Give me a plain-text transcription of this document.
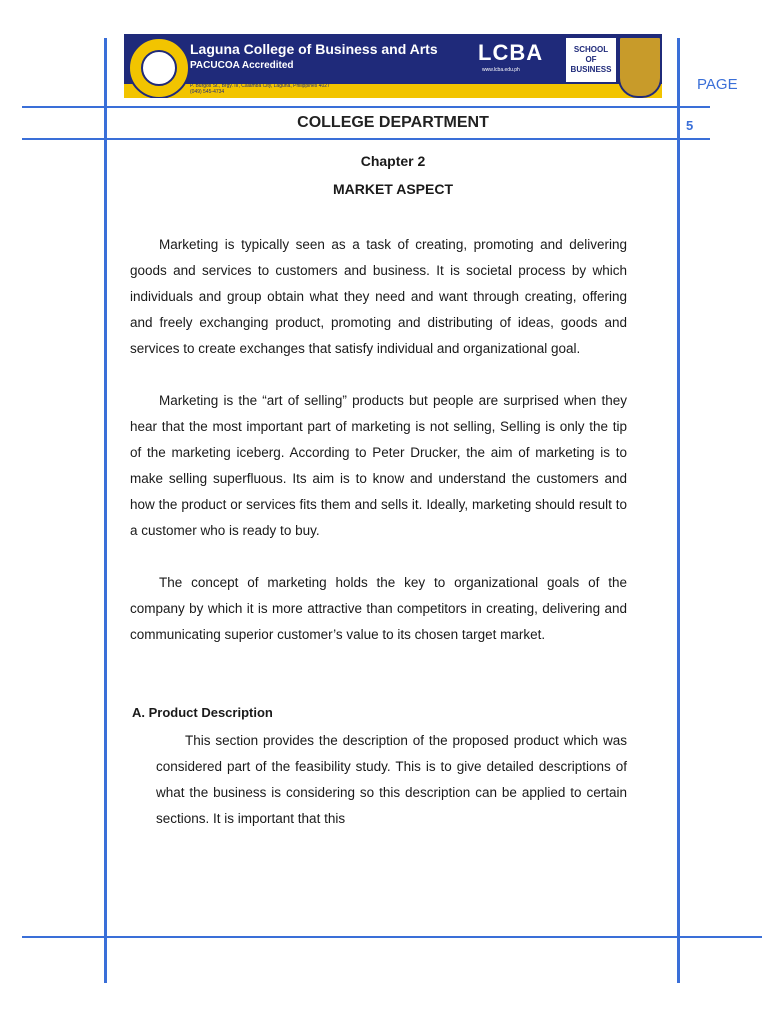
Laguna College of Business and Arts
PACUCOA Accredited
P. Burgos St., Brgy. III, Calamba City, Laguna, Philippines 4027
(049) 545-4734
LCBA
www.lcba.edu.ph
SCHOOL
OF
BUSINESS
PAGE
5
COLLEGE DEPARTMENT
Chapter 2
MARKET ASPECT

Marketing is typically seen as a task of creating, promoting and delivering goods and services to customers and business. It is societal process by which individuals and group obtain what they need and want through creating, offering and freely exchanging product, promoting and distributing of ideas, goods and services to create exchanges that satisfy individual and organizational goal.

Marketing is the “art of selling” products but people are surprised when they hear that the most important part of marketing is not selling, Selling is only the tip of the marketing iceberg. According to Peter Drucker, the aim of marketing is to make selling superfluous. Its aim is to know and understand the customers and how the product or services fits them and sells it. Ideally, marketing should result to a customer who is ready to buy.

The concept of marketing holds the key to organizational goals of the company by which it is more attractive than competitors in creating, delivering and communicating superior customer’s value to its chosen target market.

A. Product Description

This section provides the description of the proposed product which was considered part of the feasibility study. This is to give detailed descriptions of what the business is considering so this description can be applied to certain sections. It is important that this
